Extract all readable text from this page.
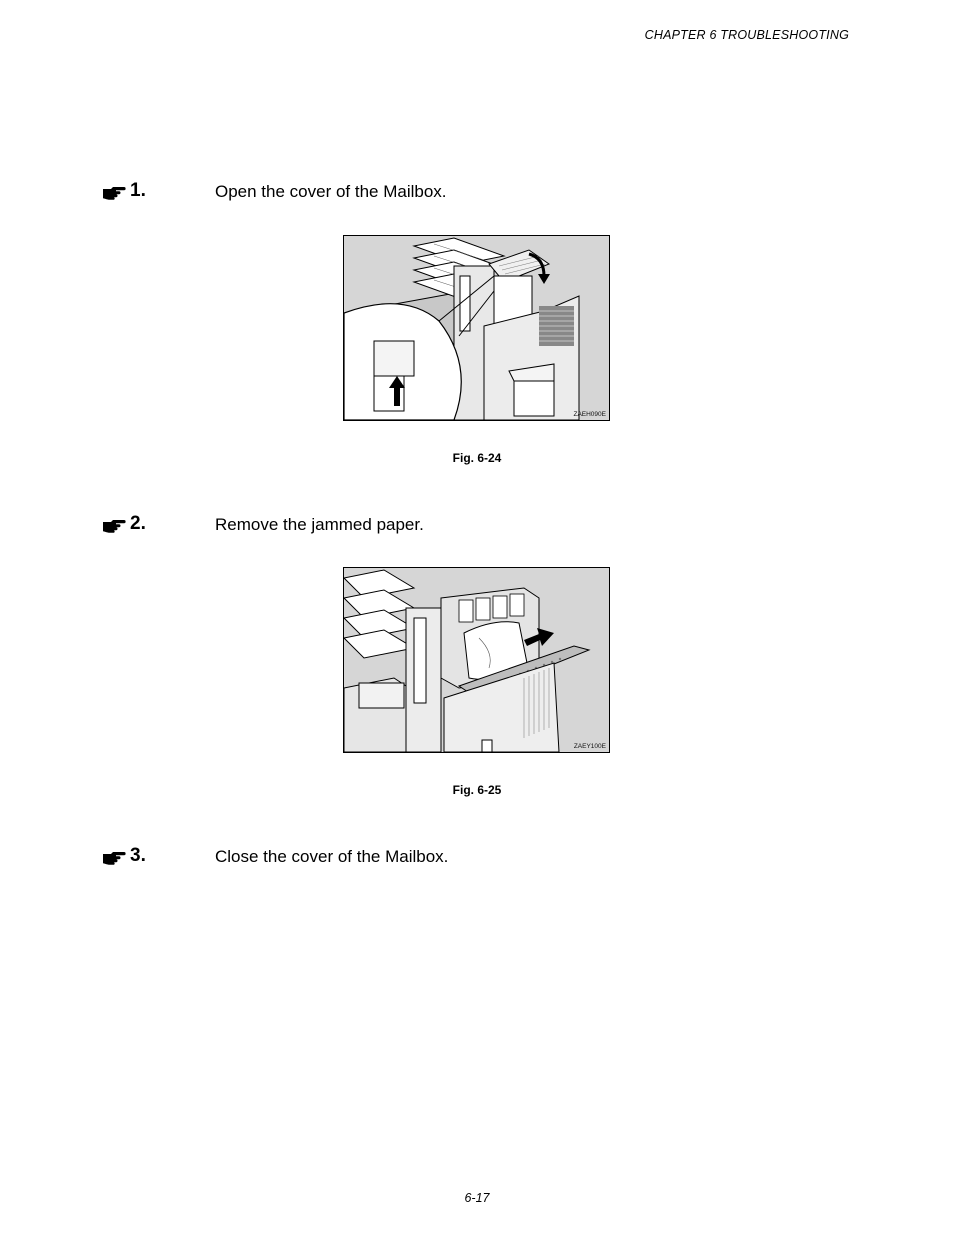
CHAPTER 6 TROUBLESHOOTING
1.	Open the cover of the Mailbox.
ZAEH090E
Fig. 6-24
2.	Remove the jammed paper.
ZAEY100E
Fig. 6-25
3.	Close the cover of the Mailbox.
6-17
